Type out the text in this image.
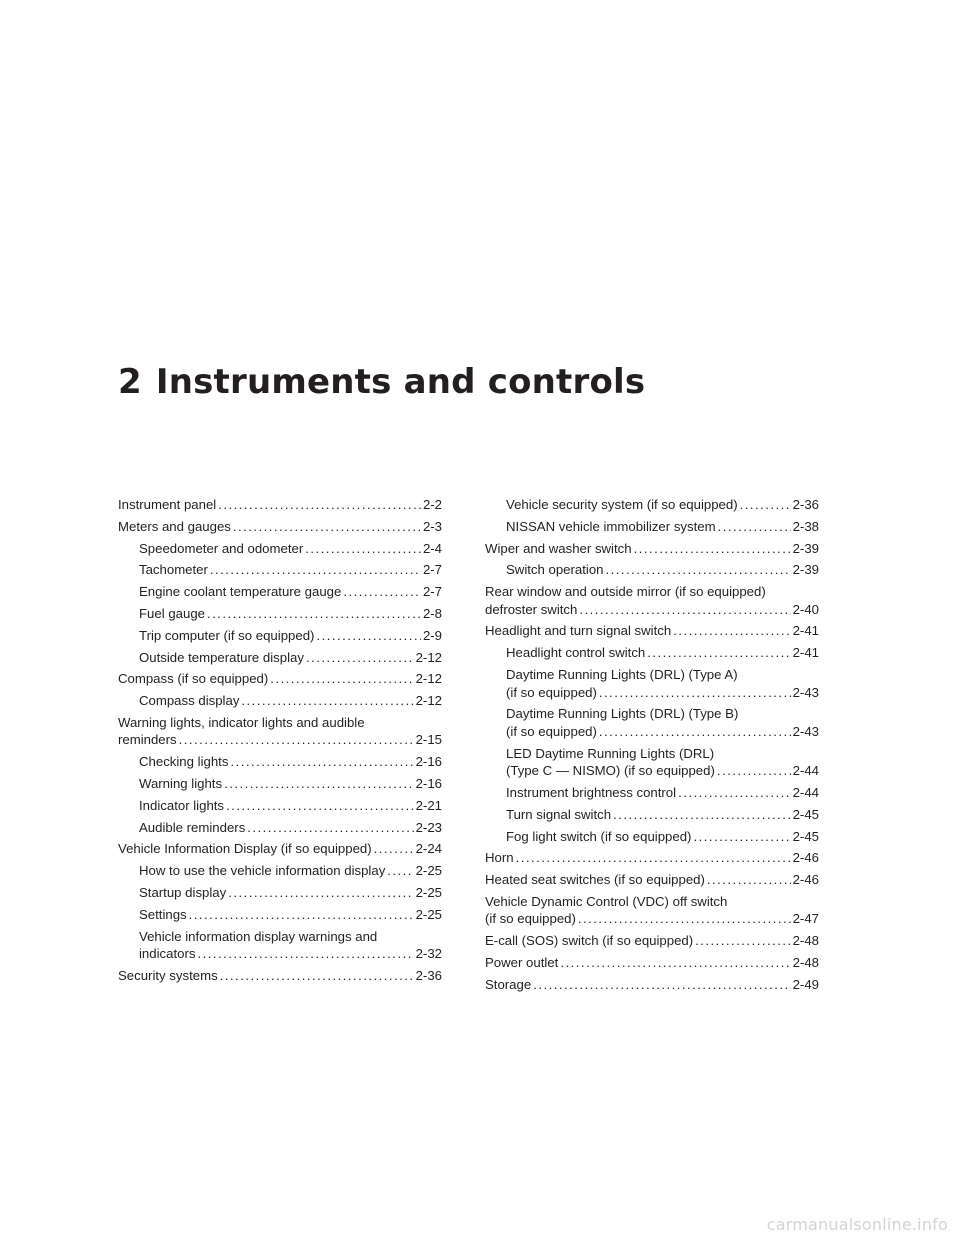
2 Instruments and controls
Instrument panel . . .	2-2
Meters and gauges . . .	2-3
Speedometer and odometer . . .	2-4
Tachometer . . .	2-7
Engine coolant temperature gauge . . .	2-7
Fuel gauge . . .	2-8
Trip computer (if so equipped) . . .	2-9
Outside temperature display . . .	2-12
Compass (if so equipped) . . .	2-12
Compass display . . .	2-12
Warning lights, indicator lights and audible
reminders . . .	2-15
Checking lights . . .	2-16
Warning lights . . .	2-16
Indicator lights . . .	2-21
Audible reminders . . .	2-23
Vehicle Information Display (if so equipped) . . .	2-24
How to use the vehicle information display . . . 2-25
Startup display . . .	2-25
Settings . . .	2-25
Vehicle information display warnings and
indicators . . .	2-32
Security systems . . .	2-36
Vehicle security system (if so equipped) . . .	2-36
NISSAN vehicle immobilizer system . . .	2-38
Wiper and washer switch . . .	2-39
Switch operation . . .	2-39
Rear window and outside mirror (if so equipped)
defroster switch . . .	2-40
Headlight and turn signal switch . . .	2-41
Headlight control switch . . .	2-41
Daytime Running Lights (DRL) (Type A)
(if so equipped) . . .	2-43
Daytime Running Lights (DRL) (Type B)
(if so equipped) . . .	2-43
LED Daytime Running Lights (DRL)
(Type C — NISMO) (if so equipped) . . .	2-44
Instrument brightness control . . .	2-44
Turn signal switch . . .	2-45
Fog light switch (if so equipped) . . .	2-45
Horn . . .	2-46
Heated seat switches (if so equipped) . . .	2-46
Vehicle Dynamic Control (VDC) off switch
(if so equipped) . . .	2-47
E-call (SOS) switch (if so equipped) . . .	2-48
Power outlet . . .	2-48
Storage . . .	2-49
carmanualsonline.info
